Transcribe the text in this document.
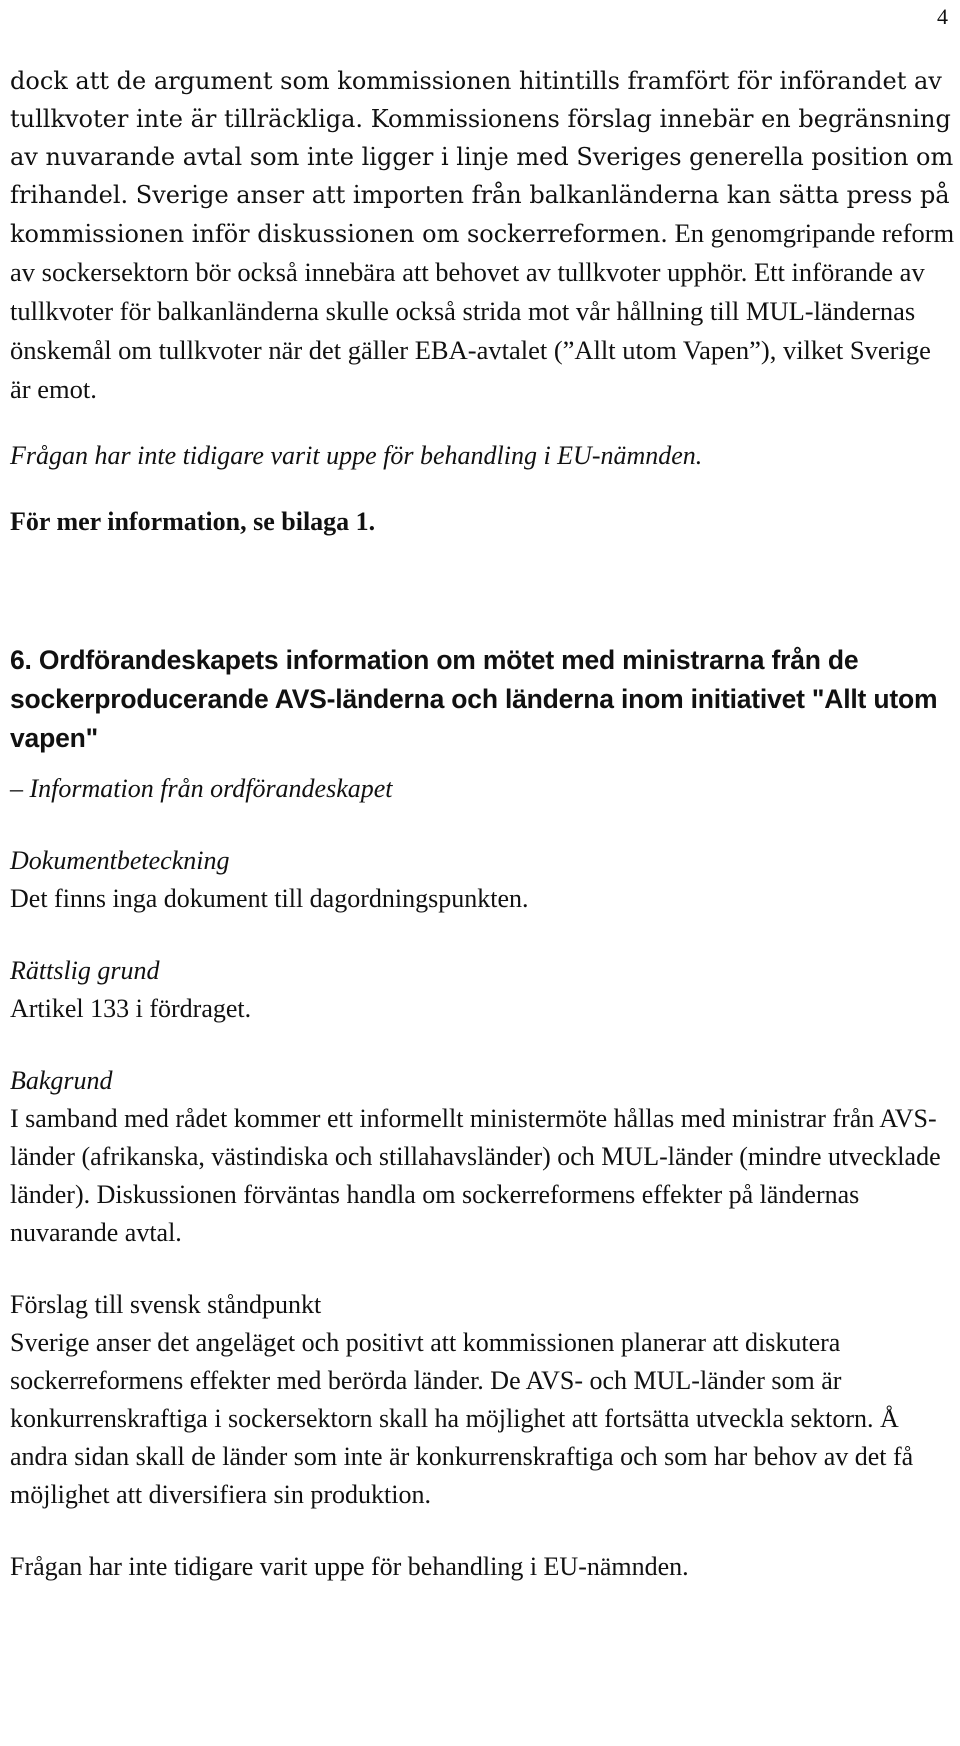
4

dock att de argument som kommissionen hitintills framfört för införandet av tullkvoter inte är tillräckliga. Kommissionens förslag innebär en begränsning av nuvarande avtal som inte ligger i linje med Sveriges generella position om frihandel. Sverige anser att importen från balkanländerna kan sätta press på kommissionen inför diskussionen om sockerreformen. En genomgripande reform av sockersektorn bör också innebära att behovet av tullkvoter upphör. Ett införande av tullkvoter för balkanländerna skulle också strida mot vår hållning till MUL-ländernas önskemål om tullkvoter när det gäller EBA-avtalet (”Allt utom Vapen”), vilket Sverige är emot.

Frågan har inte tidigare varit uppe för behandling i EU-nämnden.

För mer information, se bilaga 1.

6. Ordförandeskapets information om mötet med ministrarna från de sockerproducerande AVS-länderna och länderna inom initiativet "Allt utom vapen"

– Information från ordförandeskapet

Dokumentbeteckning
Det finns inga dokument till dagordningspunkten.

Rättslig grund
Artikel 133 i fördraget.

Bakgrund
I samband med rådet kommer ett informellt ministermöte hållas med ministrar från AVS-länder (afrikanska, västindiska och stillahavsländer) och MUL-länder (mindre utvecklade länder). Diskussionen förväntas handla om sockerreformens effekter på ländernas nuvarande avtal.

Förslag till svensk ståndpunkt
Sverige anser det angeläget och positivt att kommissionen planerar att diskutera sockerreformens effekter med berörda länder. De AVS- och MUL-länder som är konkurrenskraftiga i sockersektorn skall ha möjlighet att fortsätta utveckla sektorn. Å andra sidan skall de länder som inte är konkurrenskraftiga och som har behov av det få möjlighet att diversifiera sin produktion.

Frågan har inte tidigare varit uppe för behandling i EU-nämnden.
